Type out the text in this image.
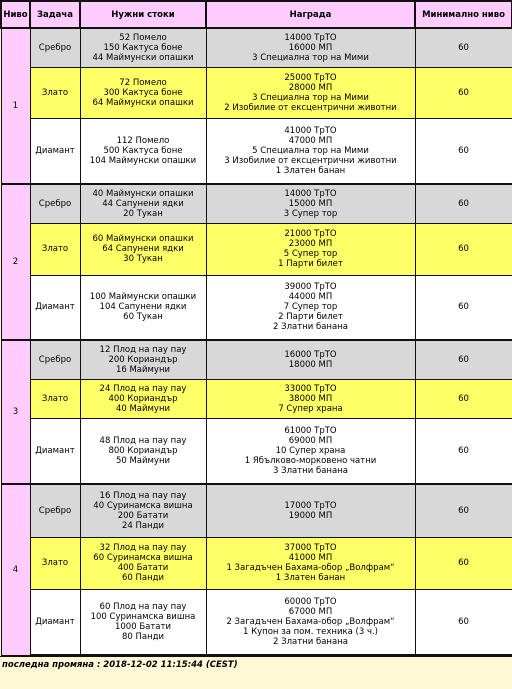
Ниво	Задача	Нужни стоки	Награда	Минимално ниво
1	Сребро	52 Помело
150 Кактуса боне
44 Маймунски опашки	14000 ТрТО
16000 МП
3 Специална тор на Мими	60
	Злато	72 Помело
300 Кактуса боне
64 Маймунски опашки	25000 ТрТО
28000 МП
3 Специална тор на Мими
2 Изобилие от ексцентрични животни	60
	Диамант	112 Помело
500 Кактуса боне
104 Маймунски опашки	41000 ТрТО
47000 МП
5 Специална тор на Мими
3 Изобилие от ексцентрични животни
1 Златен банан	60
2	Сребро	40 Маймунски опашки
44 Сапунени ядки
20 Тукан	14000 ТрТО
15000 МП
3 Супер тор	60
	Злато	60 Маймунски опашки
64 Сапунени ядки
30 Тукан	21000 ТрТО
23000 МП
5 Супер тор
1 Парти билет	60
	Диамант	100 Маймунски опашки
104 Сапунени ядки
60 Тукан	39000 ТрТО
44000 МП
7 Супер тор
2 Парти билет
2 Златни банана	60
3	Сребро	12 Плод на пау пау
200 Кориандър
16 Маймуни	16000 ТрТО
18000 МП	60
	Злато	24 Плод на пау пау
400 Кориандър
40 Маймуни	33000 ТрТО
38000 МП
7 Супер храна	60
	Диамант	48 Плод на пау пау
800 Кориандър
50 Маймуни	61000 ТрТО
69000 МП
10 Супер храна
1 Ябълково-морковено чатни
3 Златни банана	60
4	Сребро	16 Плод на пау пау
40 Суринамска вишна
200 Батати
24 Панди	17000 ТрТО
19000 МП	60
	Злато	32 Плод на пау пау
60 Суринамска вишна
400 Батати
60 Панди	37000 ТрТО
41000 МП
1 Загадъчен Бахама-обор „Волфрам“
1 Златен банан	60
	Диамант	60 Плод на пау пау
100 Суринамска вишна
1000 Батати
80 Панди	60000 ТрТО
67000 МП
2 Загадъчен Бахама-обор „Волфрам“
1 Купон за пом. техника (3 ч.)
2 Златни банана	60
последна промяна : 2018-12-02 11:15:44 (CEST)
